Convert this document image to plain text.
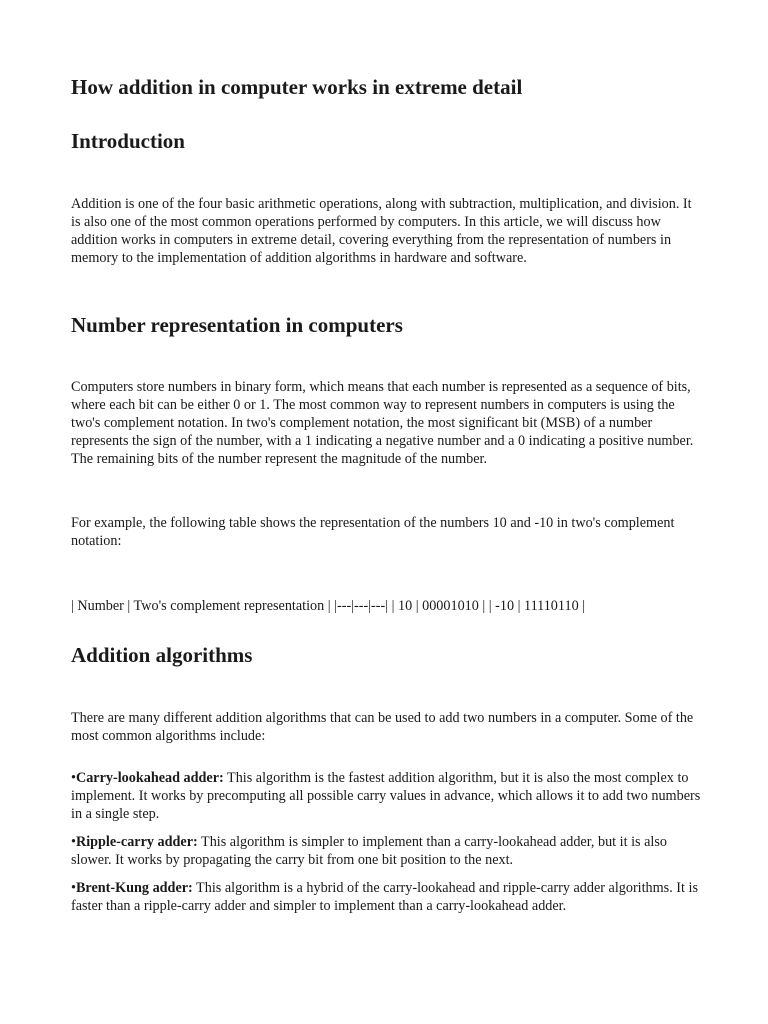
How addition in computer works in extreme detail
Introduction

Addition is one of the four basic arithmetic operations, along with subtraction, multiplication, and division. It is also one of the most common operations performed by computers. In this article, we will discuss how addition works in computers in extreme detail, covering everything from the representation of numbers in memory to the implementation of addition algorithms in hardware and software.

Number representation in computers

Computers store numbers in binary form, which means that each number is represented as a sequence of bits, where each bit can be either 0 or 1. The most common way to represent numbers in computers is using the two's complement notation. In two's complement notation, the most significant bit (MSB) of a number represents the sign of the number, with a 1 indicating a negative number and a 0 indicating a positive number. The remaining bits of the number represent the magnitude of the number.

For example, the following table shows the representation of the numbers 10 and -10 in two's complement notation:

| Number | Two's complement representation | |---|---|---| | 10 | 00001010 | | -10 | 11110110 |

Addition algorithms

There are many different addition algorithms that can be used to add two numbers in a computer. Some of the most common algorithms include:

•Carry-lookahead adder: This algorithm is the fastest addition algorithm, but it is also the most complex to implement. It works by precomputing all possible carry values in advance, which allows it to add two numbers in a single step.

•Ripple-carry adder: This algorithm is simpler to implement than a carry-lookahead adder, but it is also slower. It works by propagating the carry bit from one bit position to the next.

•Brent-Kung adder: This algorithm is a hybrid of the carry-lookahead and ripple-carry adder algorithms. It is faster than a ripple-carry adder and simpler to implement than a carry-lookahead adder.
